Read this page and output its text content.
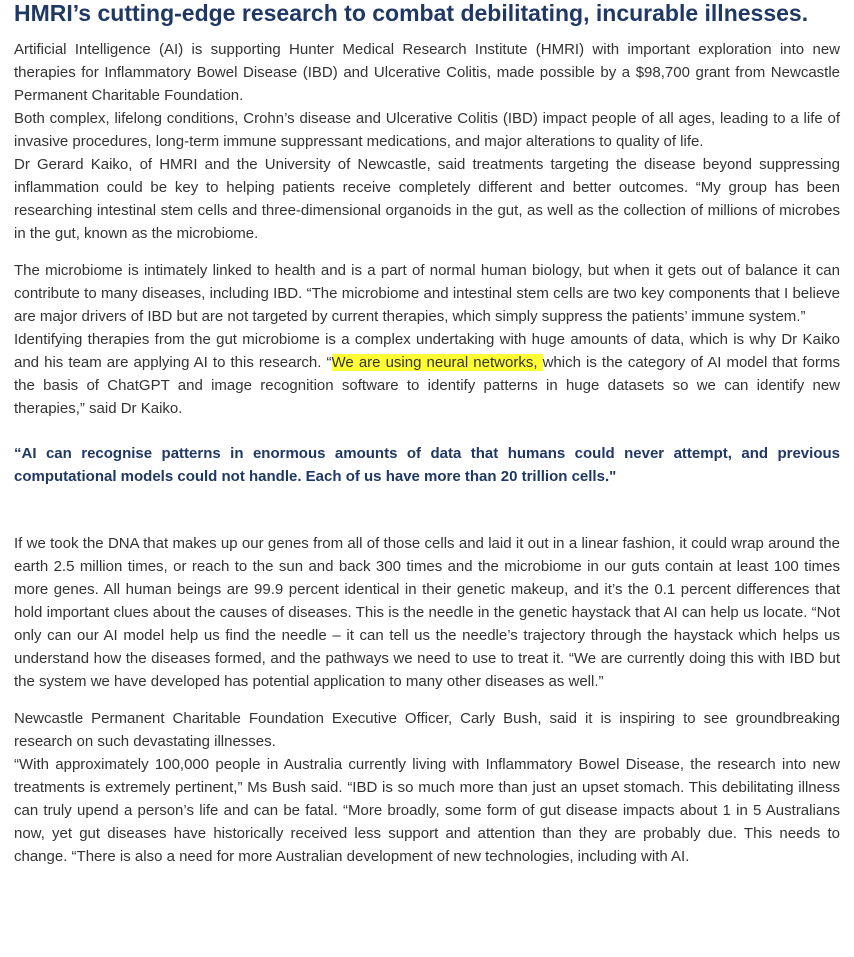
HMRI’s cutting-edge research to combat debilitating, incurable illnesses.

Artificial Intelligence (AI) is supporting Hunter Medical Research Institute (HMRI) with important exploration into new therapies for Inflammatory Bowel Disease (IBD) and Ulcerative Colitis, made possible by a $98,700 grant from Newcastle Permanent Charitable Foundation.

Both complex, lifelong conditions, Crohn’s disease and Ulcerative Colitis (IBD) impact people of all ages, leading to a life of invasive procedures, long-term immune suppressant medications, and major alterations to quality of life.

Dr Gerard Kaiko, of HMRI and the University of Newcastle, said treatments targeting the disease beyond suppressing inflammation could be key to helping patients receive completely different and better outcomes. “My group has been researching intestinal stem cells and three-dimensional organoids in the gut, as well as the collection of millions of microbes in the gut, known as the microbiome.

The microbiome is intimately linked to health and is a part of normal human biology, but when it gets out of balance it can contribute to many diseases, including IBD. “The microbiome and intestinal stem cells are two key components that I believe are major drivers of IBD but are not targeted by current therapies, which simply suppress the patients’ immune system.”

Identifying therapies from the gut microbiome is a complex undertaking with huge amounts of data, which is why Dr Kaiko and his team are applying AI to this research. “We are using neural networks, which is the category of AI model that forms the basis of ChatGPT and image recognition software to identify patterns in huge datasets so we can identify new therapies,” said Dr Kaiko.

“AI can recognise patterns in enormous amounts of data that humans could never attempt, and previous computational models could not handle. Each of us have more than 20 trillion cells."

If we took the DNA that makes up our genes from all of those cells and laid it out in a linear fashion, it could wrap around the earth 2.5 million times, or reach to the sun and back 300 times and the microbiome in our guts contain at least 100 times more genes. All human beings are 99.9 percent identical in their genetic makeup, and it’s the 0.1 percent differences that hold important clues about the causes of diseases. This is the needle in the genetic haystack that AI can help us locate. “Not only can our AI model help us find the needle – it can tell us the needle’s trajectory through the haystack which helps us understand how the diseases formed, and the pathways we need to use to treat it. “We are currently doing this with IBD but the system we have developed has potential application to many other diseases as well.”

Newcastle Permanent Charitable Foundation Executive Officer, Carly Bush, said it is inspiring to see groundbreaking research on such devastating illnesses.

“With approximately 100,000 people in Australia currently living with Inflammatory Bowel Disease, the research into new treatments is extremely pertinent,” Ms Bush said. “IBD is so much more than just an upset stomach. This debilitating illness can truly upend a person’s life and can be fatal. “More broadly, some form of gut disease impacts about 1 in 5 Australians now, yet gut diseases have historically received less support and attention than they are probably due. This needs to change. “There is also a need for more Australian development of new technologies, including with AI.
